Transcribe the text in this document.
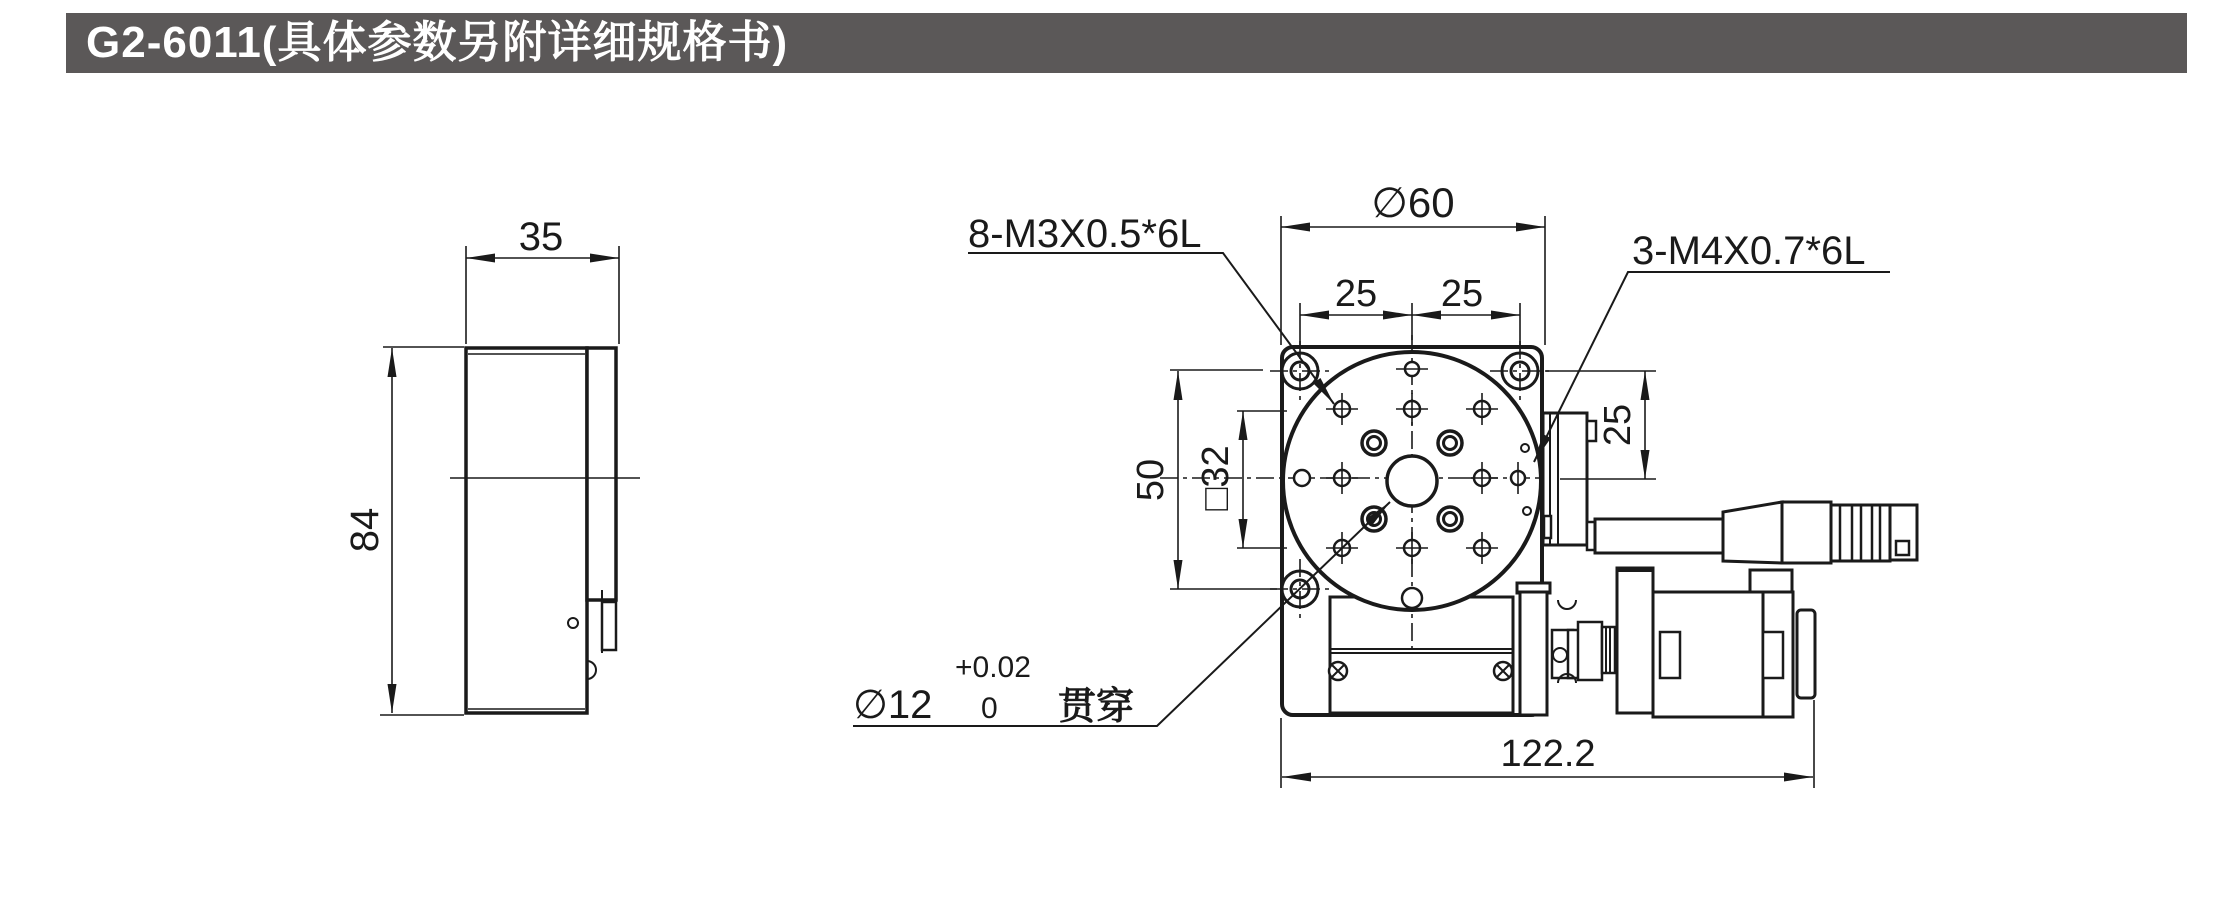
G2-6011(具体参数另附详细规格书)
35
84
∅60
25 25
50 □32
25
122.2
8-M3X0.5*6L	3-M4X0.7*6L
∅12
+0.02
0 贯穿
